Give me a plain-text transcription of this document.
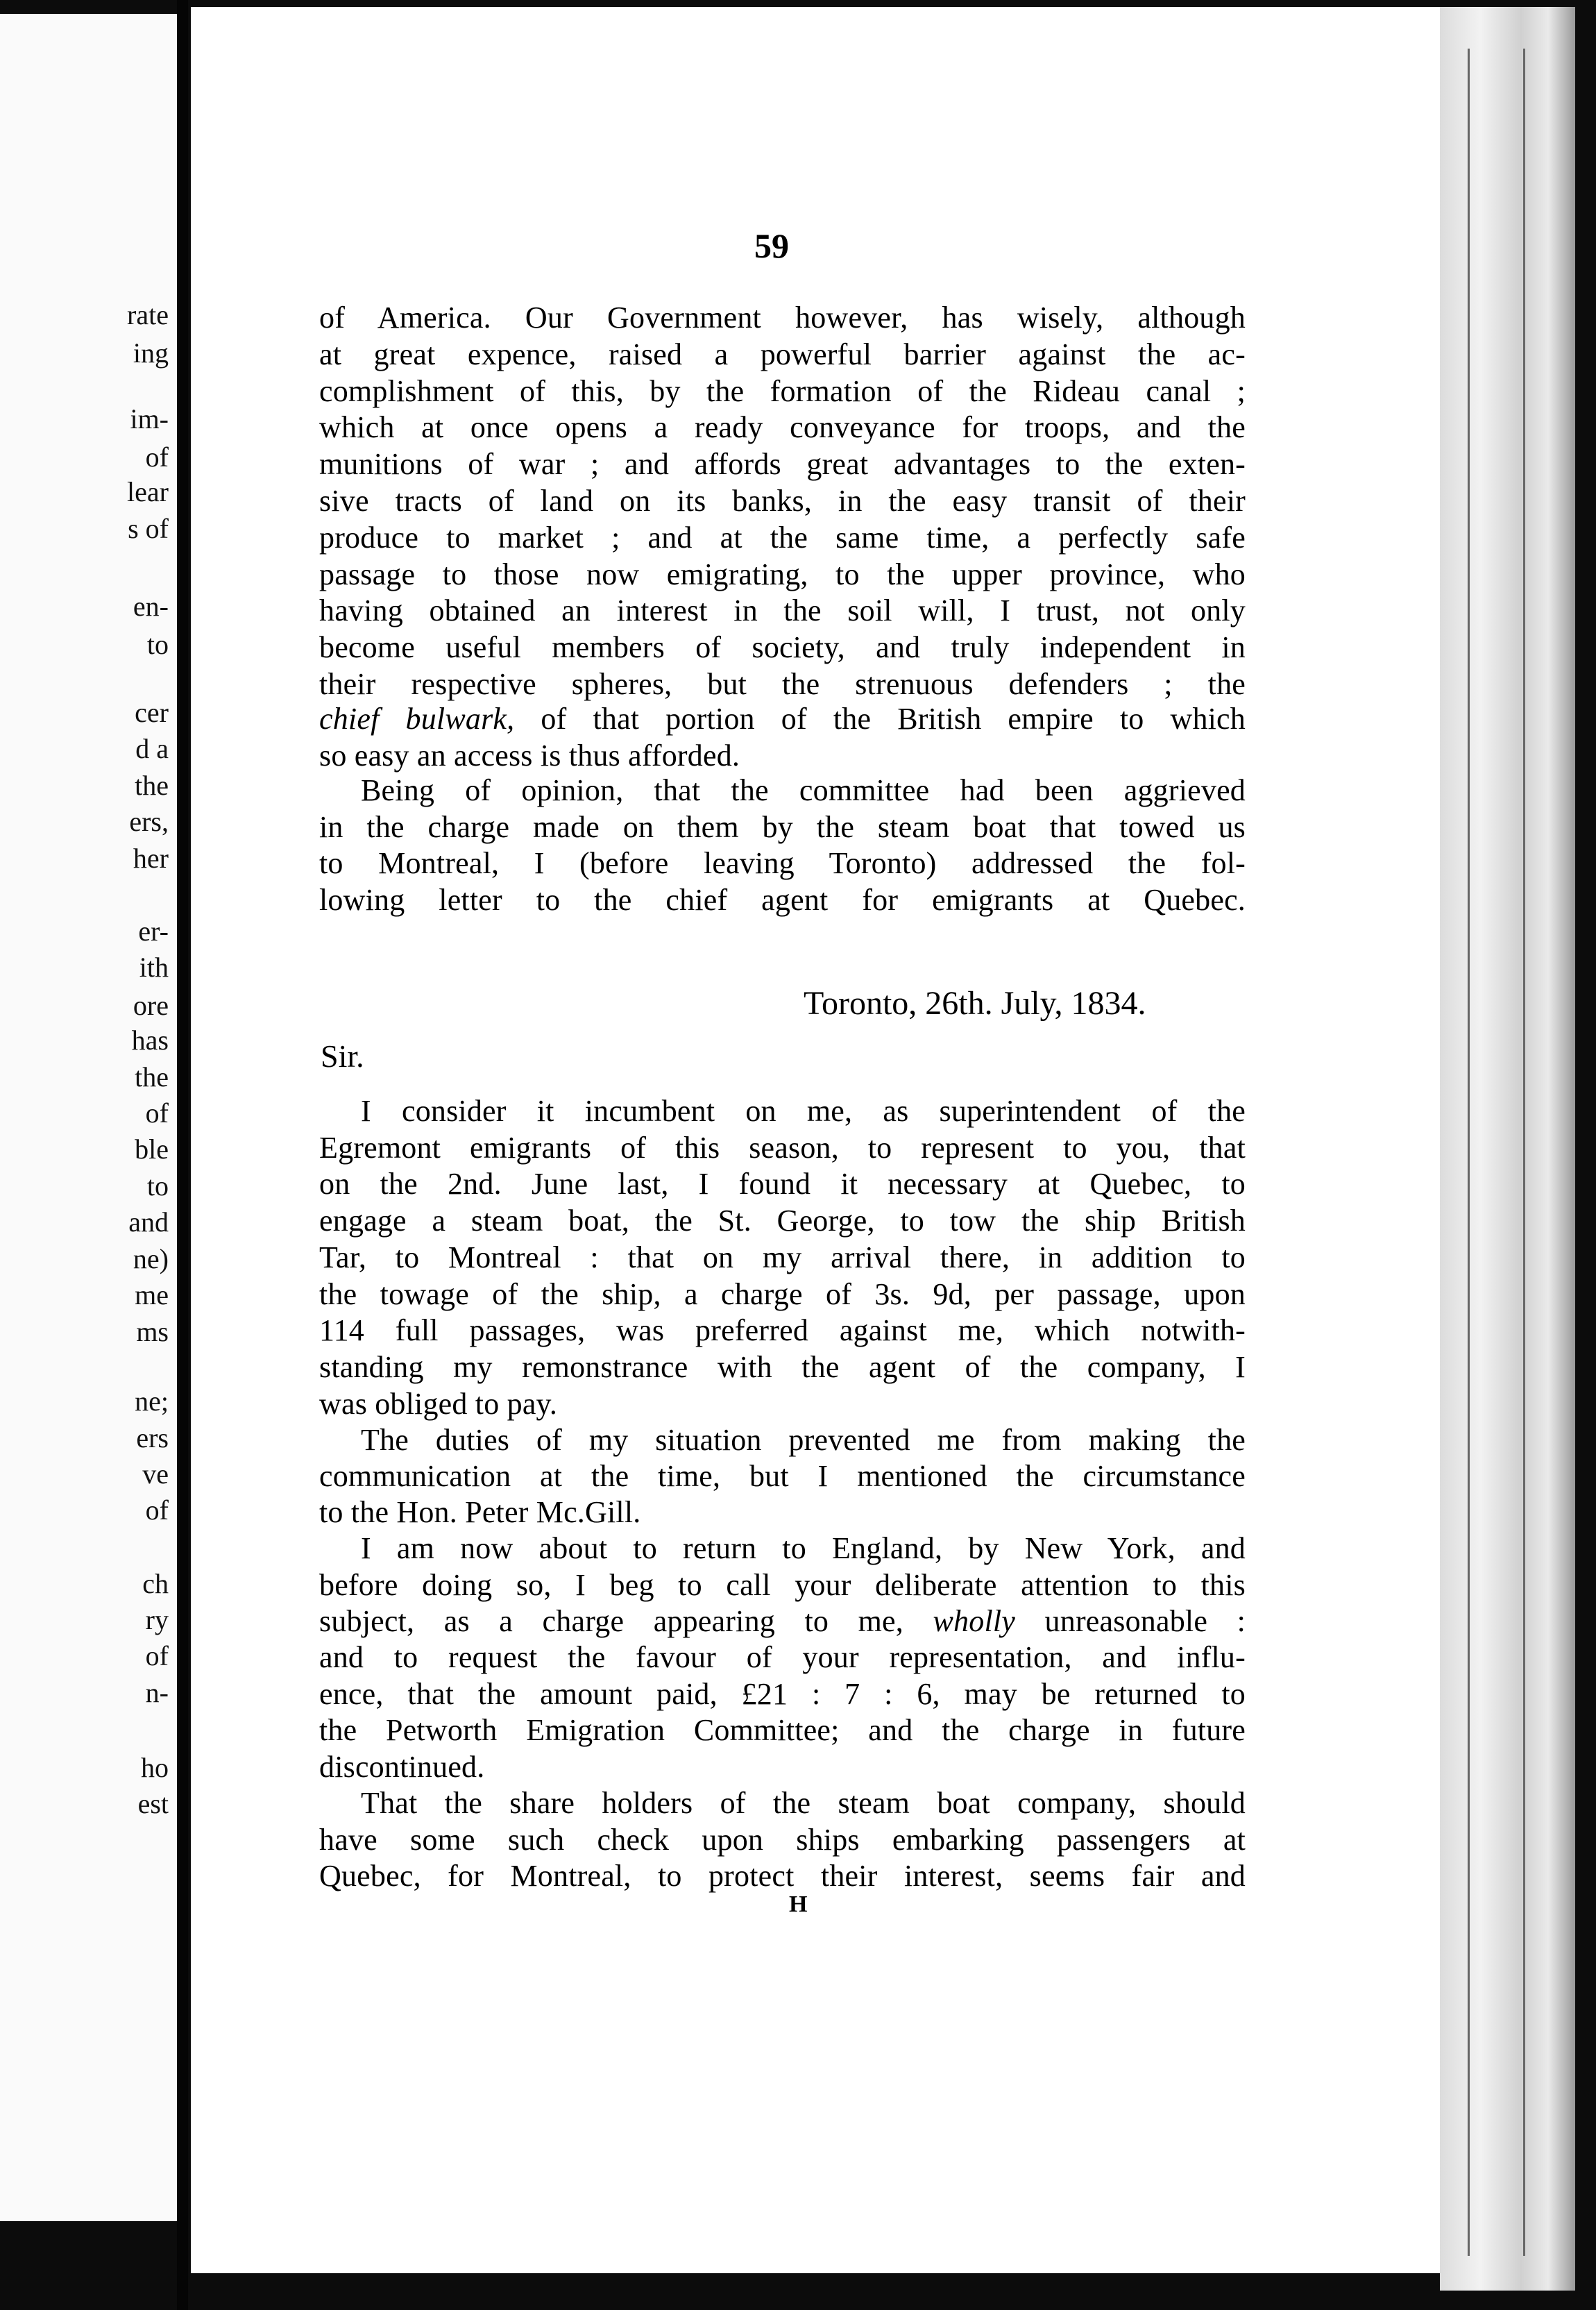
rate
ing
im-
of
lear
s of
en-
to
cer
d a
the
ers,
her
er-
ith
ore
has
the
of
ble
to
and
ne)
me
ms
ne;
ers
ve
of
ch
ry
of
n-
ho
est
59
of America. Our Government however, has wisely, although
at great expence, raised a powerful barrier against the ac-
complishment of this, by the formation of the Rideau canal ;
which at once opens a ready conveyance for troops, and the
munitions of war ; and affords great advantages to the exten-
sive tracts of land on its banks, in the easy transit of their
produce to market ; and at the same time, a perfectly safe
passage to those now emigrating, to the upper province, who
having obtained an interest in the soil will, I trust, not only
become useful members of society, and truly independent in
their respective spheres, but the strenuous defenders ; the
chief bulwark, of that portion of the British empire to which
so easy an access is thus afforded.
Being of opinion, that the committee had been aggrieved
in the charge made on them by the steam boat that towed us
to Montreal, I (before leaving Toronto) addressed the fol-
lowing letter to the chief agent for emigrants at Quebec.
Toronto, 26th. July, 1834.
Sir.
I consider it incumbent on me, as superintendent of the
Egremont emigrants of this season, to represent to you, that
on the 2nd. June last, I found it necessary at Quebec, to
engage a steam boat, the St. George, to tow the ship British
Tar, to Montreal : that on my arrival there, in addition to
the towage of the ship, a charge of 3s. 9d, per passage, upon
114 full passages, was preferred against me, which notwith-
standing my remonstrance with the agent of the company, I
was obliged to pay.
The duties of my situation prevented me from making the
communication at the time, but I mentioned the circumstance
to the Hon. Peter Mc.Gill.
I am now about to return to England, by New York, and
before doing so, I beg to call your deliberate attention to this
subject, as a charge appearing to me, wholly unreasonable :
and to request the favour of your representation, and influ-
ence, that the amount paid, £21 : 7 : 6, may be returned to
the Petworth Emigration Committee; and the charge in future
discontinued.
That the share holders of the steam boat company, should
have some such check upon ships embarking passengers at
Quebec, for Montreal, to protect their interest, seems fair and
H
